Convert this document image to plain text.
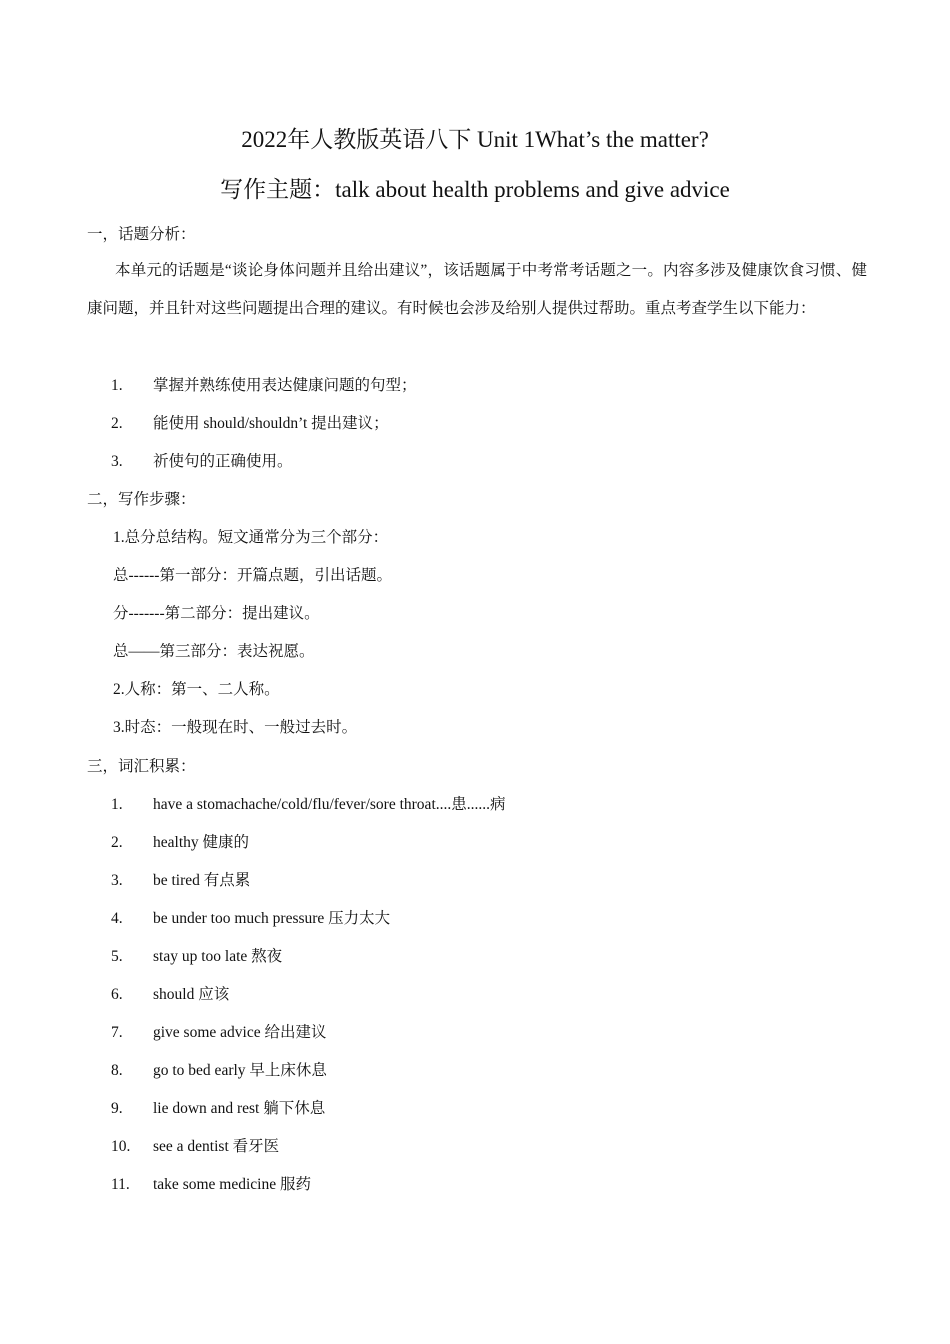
2022年人教版英语八下 Unit 1What’s the matter?
写作主题：talk about health problems and give advice
一，话题分析：
本单元的话题是“谈论身体问题并且给出建议”，该话题属于中考常考话题之一。内容多涉及健康饮食习惯、健康问题，并且针对这些问题提出合理的建议。有时候也会涉及给别人提供过帮助。重点考查学生以下能力：
1.	掌握并熟练使用表达健康问题的句型；
2.	能使用 should/shouldn’t 提出建议；
3.	祈使句的正确使用。
二，写作步骤：
1.总分总结构。短文通常分为三个部分：
总------第一部分：开篇点题，引出话题。
分-------第二部分：提出建议。
总——第三部分：表达祝愿。
2.人称：第一、二人称。
3.时态：一般现在时、一般过去时。
三，词汇积累：
1.	have a stomachache/cold/flu/fever/sore throat....患......病
2.	healthy 健康的
3.	be tired 有点累
4.	be under too much pressure 压力太大
5.	stay up too late 熬夜
6.	should 应该
7.	give some advice 给出建议
8.	go to bed early 早上床休息
9.	lie down and rest 躺下休息
10.	see a dentist 看牙医
11.	take some medicine 服药
